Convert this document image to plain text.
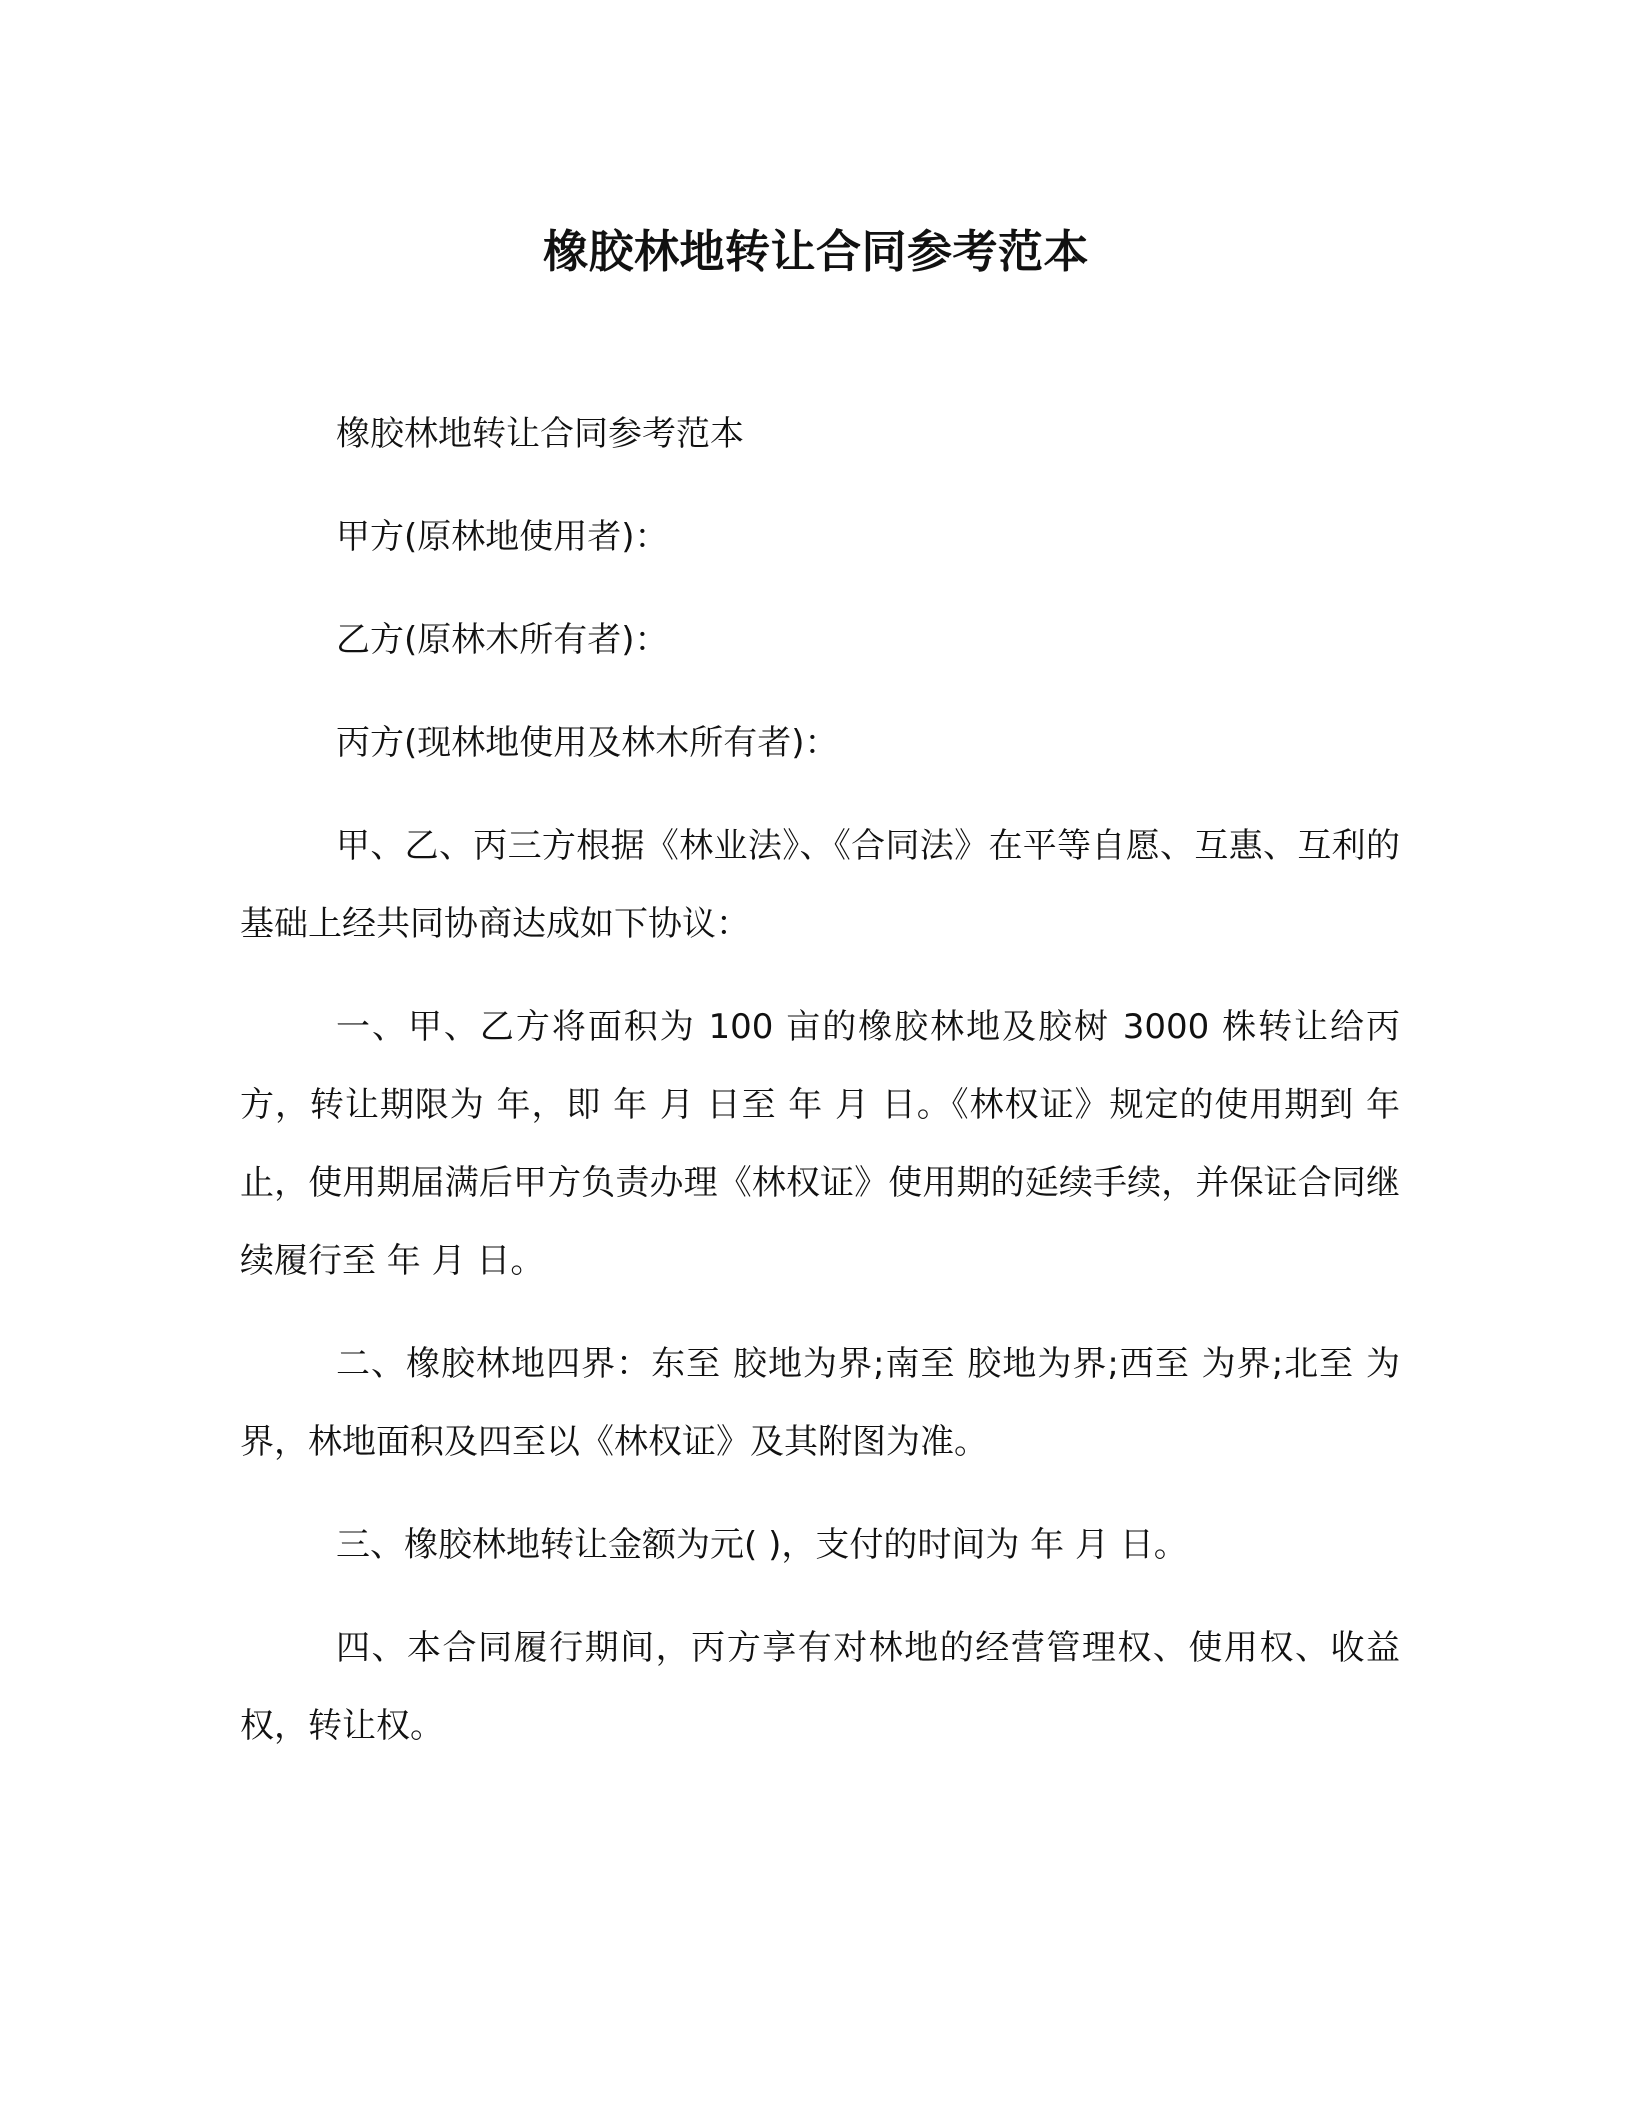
橡胶林地转让合同参考范本

橡胶林地转让合同参考范本

甲方(原林地使用者)：

乙方(原林木所有者)：

丙方(现林地使用及林木所有者)：

甲、乙、丙三方根据《林业法》、《合同法》在平等自愿、互惠、互利的基础上经共同协商达成如下协议：

一、甲、乙方将面积为 100 亩的橡胶林地及胶树 3000 株转让给丙方，转让期限为 年，即 年 月 日至 年 月 日。《林权证》规定的使用期到 年止，使用期届满后甲方负责办理《林权证》使用期的延续手续，并保证合同继续履行至 年 月 日。

二、橡胶林地四界：东至 胶地为界;南至 胶地为界;西至 为界;北至 为界，林地面积及四至以《林权证》及其附图为准。

三、橡胶林地转让金额为元( )，支付的时间为 年 月 日。

四、本合同履行期间，丙方享有对林地的经营管理权、使用权、收益权，转让权。
